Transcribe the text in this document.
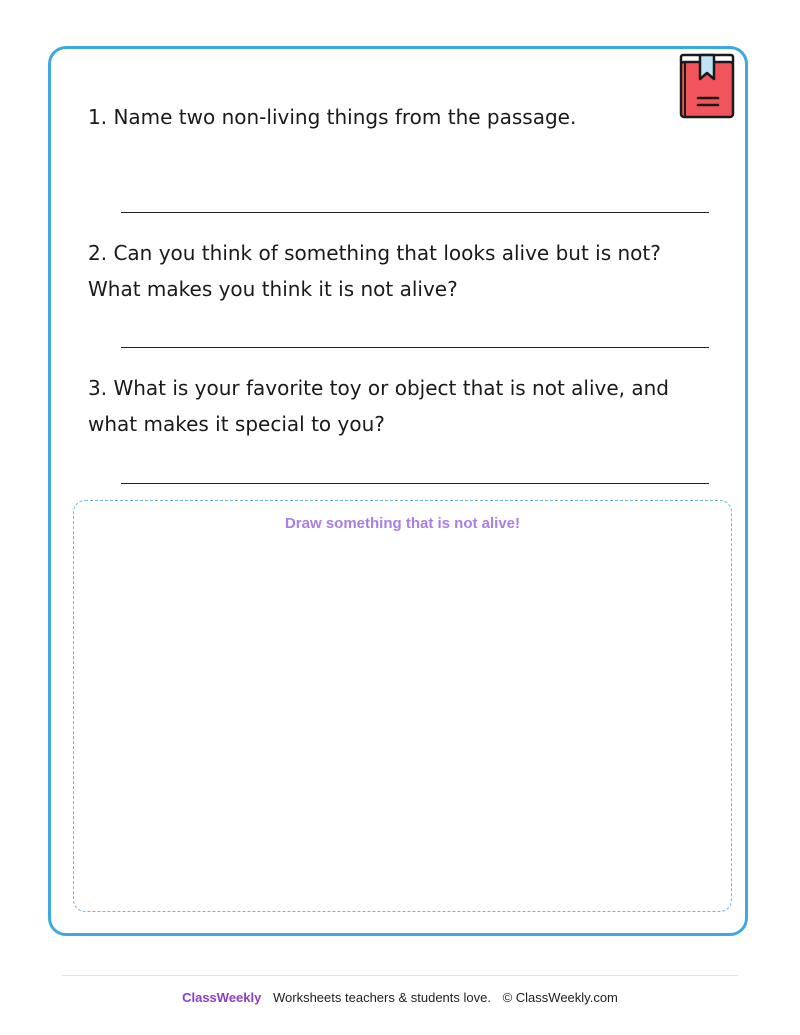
1. Name two non-living things from the passage.

2. Can you think of something that looks alive but is not?
What makes you think it is not alive?

3. What is your favorite toy or object that is not alive, and
what makes it special to you?

Draw something that is not alive!
ClassWeekly Worksheets teachers & students love. © ClassWeekly.com
